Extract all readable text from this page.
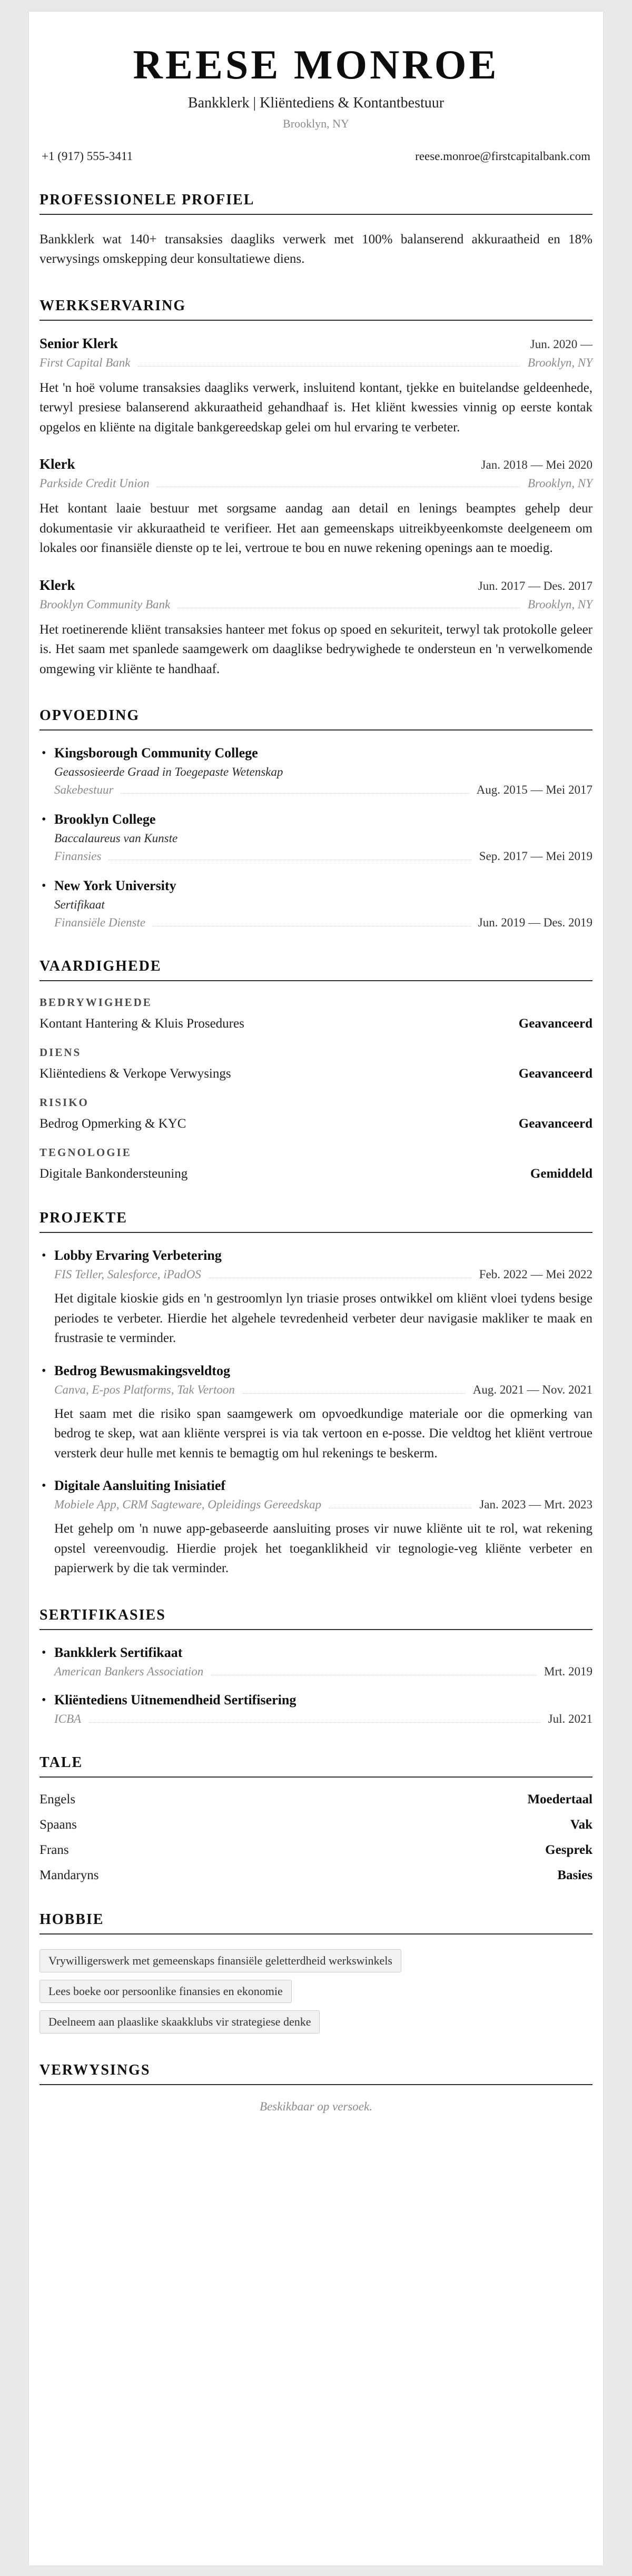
REESE MONROE
Bankklerk | Kliëntediens & Kontantbestuur
Brooklyn, NY
+1 (917) 555-3411	reese.monroe@firstcapitalbank.com
PROFESSIONELE PROFIEL

Bankklerk wat 140+ transaksies daagliks verwerk met 100% balanserend akkuraatheid en 18% verwysings omskepping deur konsultatiewe diens.

WERKSERVARING
Senior Klerk	Jun. 2020 —
First Capital Bank	Brooklyn, NY

Het 'n hoë volume transaksies daagliks verwerk, insluitend kontant, tjekke en buitelandse geldeenhede, terwyl presiese balanserend akkuraatheid gehandhaaf is. Het kliënt kwessies vinnig op eerste kontak opgelos en kliënte na digitale bankgereedskap gelei om hul ervaring te verbeter.

Klerk	Jan. 2018 — Mei 2020
Parkside Credit Union	Brooklyn, NY

Het kontant laaie bestuur met sorgsame aandag aan detail en lenings beamptes gehelp deur dokumentasie vir akkuraatheid te verifieer. Het aan gemeenskaps uitreikbyeenkomste deelgeneem om lokales oor finansiële dienste op te lei, vertroue te bou en nuwe rekening openings aan te moedig.

Klerk	Jun. 2017 — Des. 2017
Brooklyn Community Bank	Brooklyn, NY

Het roetinerende kliënt transaksies hanteer met fokus op spoed en sekuriteit, terwyl tak protokolle geleer is. Het saam met spanlede saamgewerk om daaglikse bedrywighede te ondersteun en 'n verwelkomende omgewing vir kliënte te handhaaf.

OPVOEDING
• Kingsborough Community College
Geassosieerde Graad in Toegepaste Wetenskap
Sakebestuur	Aug. 2015 — Mei 2017
• Brooklyn College
Baccalaureus van Kunste
Finansies	Sep. 2017 — Mei 2019
• New York University
Sertifikaat
Finansiële Dienste	Jun. 2019 — Des. 2019
VAARDIGHEDE
BEDRYWIGHEDE
Kontant Hantering & Kluis Prosedures	Geavanceerd
DIENS
Kliëntediens & Verkope Verwysings	Geavanceerd
RISIKO
Bedrog Opmerking & KYC	Geavanceerd
TEGNOLOGIE
Digitale Bankondersteuning	Gemiddeld
PROJEKTE
• Lobby Ervaring Verbetering
FIS Teller, Salesforce, iPadOS	Feb. 2022 — Mei 2022

Het digitale kioskie gids en 'n gestroomlyn lyn triasie proses ontwikkel om kliënt vloei tydens besige periodes te verbeter. Hierdie het algehele tevredenheid verbeter deur navigasie makliker te maak en frustrasie te verminder.

• Bedrog Bewusmakingsveldtog
Canva, E-pos Platforms, Tak Vertoon	Aug. 2021 — Nov. 2021

Het saam met die risiko span saamgewerk om opvoedkundige materiale oor die opmerking van bedrog te skep, wat aan kliënte versprei is via tak vertoon en e-posse. Die veldtog het kliënt vertroue versterk deur hulle met kennis te bemagtig om hul rekenings te beskerm.

• Digitale Aansluiting Inisiatief
Mobiele App, CRM Sagteware, Opleidings Gereedskap	Jan. 2023 — Mrt. 2023

Het gehelp om 'n nuwe app-gebaseerde aansluiting proses vir nuwe kliënte uit te rol, wat rekening opstel vereenvoudig. Hierdie projek het toeganklikheid vir tegnologie-veg kliënte verbeter en papierwerk by die tak verminder.

SERTIFIKASIES
• Bankklerk Sertifikaat
American Bankers Association	Mrt. 2019
• Kliëntediens Uitnemendheid Sertifisering
ICBA	Jul. 2021
TALE
Engels	Moedertaal
Spaans	Vak
Frans	Gesprek
Mandaryns	Basies
HOBBIE
Vrywilligerswerk met gemeenskaps finansiële geletterdheid werkswinkels
Lees boeke oor persoonlike finansies en ekonomie
Deelneem aan plaaslike skaakklubs vir strategiese denke
VERWYSINGS
Beskikbaar op versoek.
